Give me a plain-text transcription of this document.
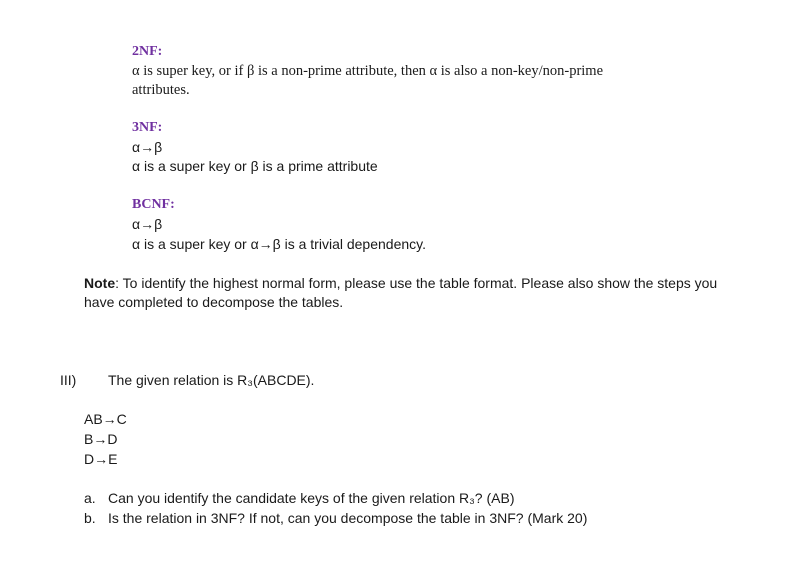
2NF:
α is super key, or if β is a non-prime attribute, then α is also a non-key/non-prime
attributes.
3NF:
α→β
α is a super key or β is a prime attribute
BCNF:
α→β
α is a super key or α→β is a trivial dependency.
Note: To identify the highest normal form, please use the table format. Please also show the steps you
have completed to decompose the tables.
III) The given relation is R₃(ABCDE).
AB→C
B→D
D→E
a. Can you identify the candidate keys of the given relation R₃? (AB)
b. Is the relation in 3NF? If not, can you decompose the table in 3NF? (Mark 20)
